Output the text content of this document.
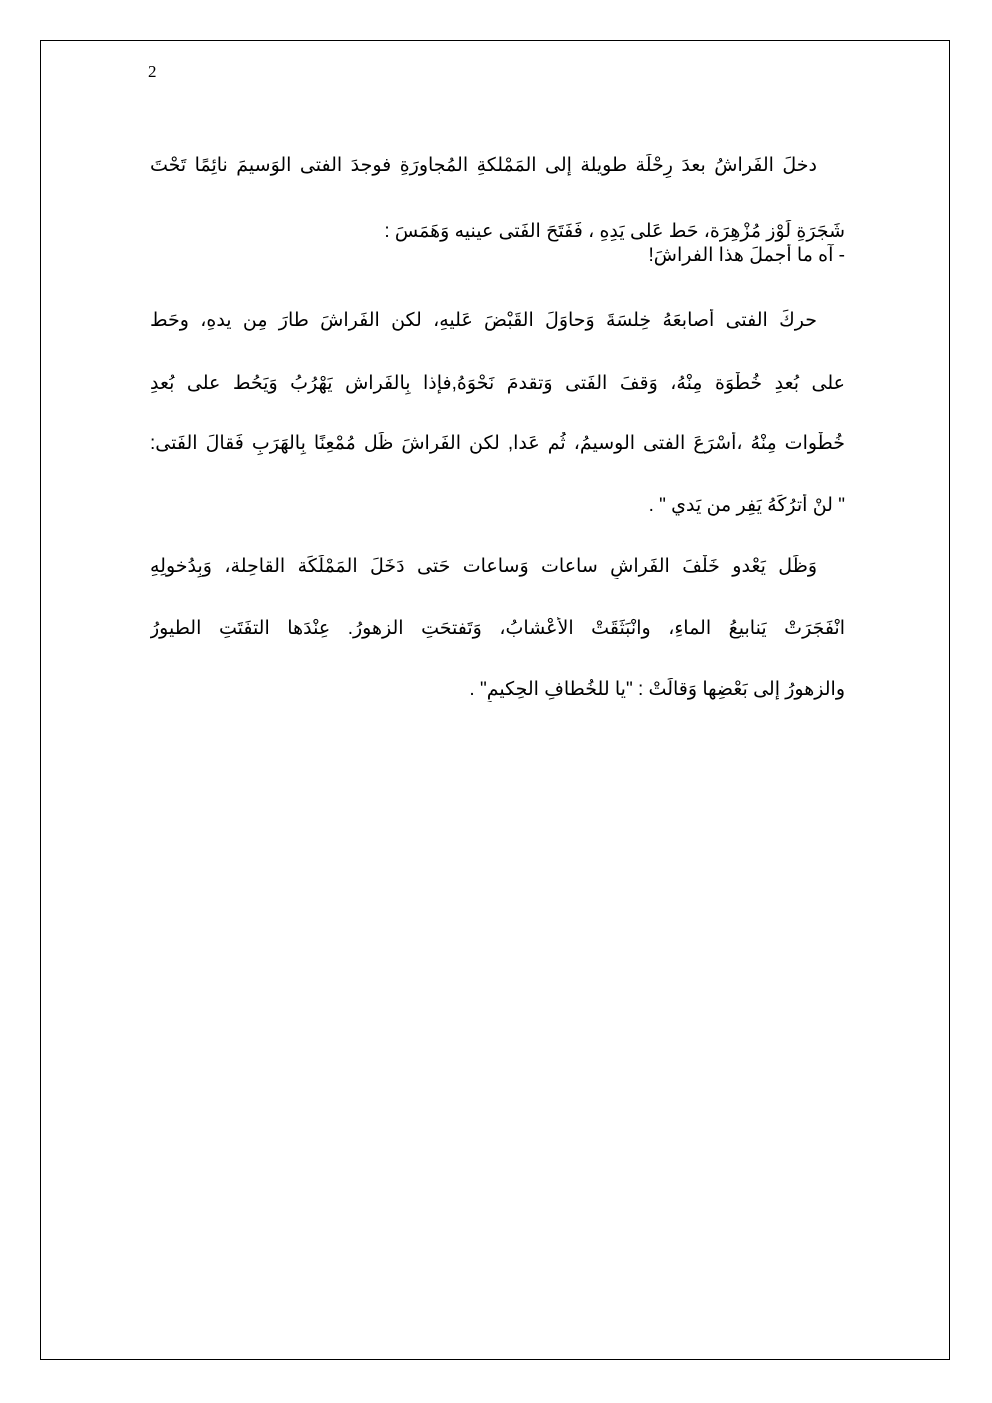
2
دخلَ الفَراشُ بعدَ رِحْلَة طويلة إلى المَمْلكةِ المُجاورَةِ فوجدَ الفتى الوَسيمَ نائِمًا تَحْتَ
شَجَرَةِ لَوْز مُزْهِرَة، حَط عَلى يَدِهِ ، فَفَتَحَ الفَتى عينيه وَهَمَسَ :
- آه ما أجملَ هذا الفراشَ!
حركَ الفتى أصابعَهُ خِلسَةَ وَحاوَلَ القَبْضَ عَليهِ، لكن الفَراشَ طارَ مِن يدهِ، وحَط
على بُعدِ خُطْوَة مِنْهُ، وَقفَ الفَتى وَتقدمَ نَحْوَهُ,فإذا بِالفَراش يَهْرُبُ وَيَحُط على بُعدِ
خُطْوات مِنْهُ ،أسْرَعَ الفتى الوسيمُ، ثُم عَدا, لكن الفَراشَ ظَل مُمْعِنًا بِالهَرَبِ فَقالَ الفَتى:
" لنْ أترُكَهُ يَفِر من يَدي " .
وَظَل يَعْدو خَلْفَ الفَراشِ ساعات وَساعات حَتى دَخَلَ المَمْلَكَة القاحِلة، وَبِدُخولِهِ
انْفَجَرَتْ يَنابيعُ الماءِ، وانْبَثَقَتْ الأعْشابُ، وَتَفتحَتِ الزهورُ. عِنْدَها التفَتَتِ الطيورُ
والزهورُ إلى بَعْضِها وَقالَتْ : "يا للخُطافِ الحِكيمِ" .
